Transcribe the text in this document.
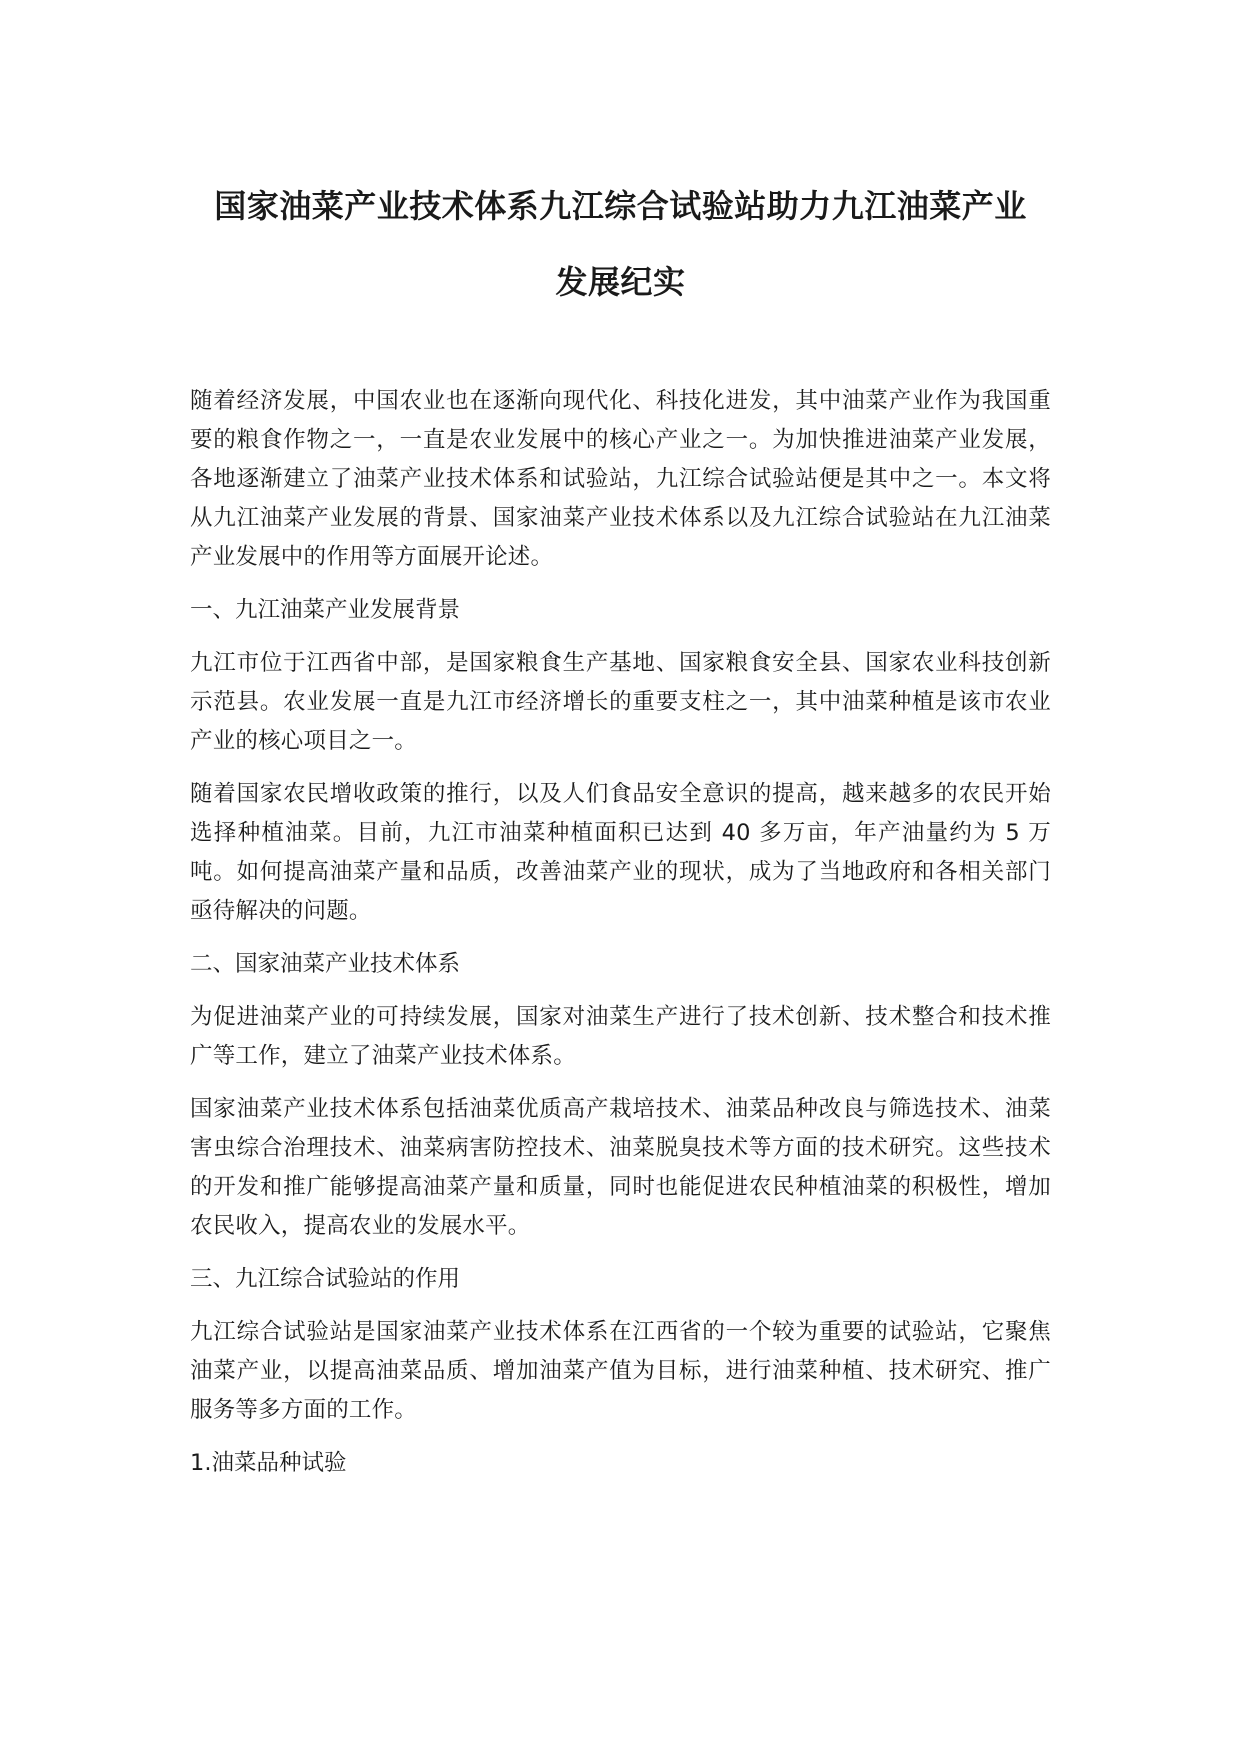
国家油菜产业技术体系九江综合试验站助力九江油菜产业
发展纪实

随着经济发展，中国农业也在逐渐向现代化、科技化进发，其中油菜产业作为我国重要的粮食作物之一，一直是农业发展中的核心产业之一。为加快推进油菜产业发展，各地逐渐建立了油菜产业技术体系和试验站，九江综合试验站便是其中之一。本文将从九江油菜产业发展的背景、国家油菜产业技术体系以及九江综合试验站在九江油菜产业发展中的作用等方面展开论述。

一、九江油菜产业发展背景

九江市位于江西省中部，是国家粮食生产基地、国家粮食安全县、国家农业科技创新示范县。农业发展一直是九江市经济增长的重要支柱之一，其中油菜种植是该市农业产业的核心项目之一。

随着国家农民增收政策的推行，以及人们食品安全意识的提高，越来越多的农民开始选择种植油菜。目前，九江市油菜种植面积已达到 40 多万亩，年产油量约为 5 万吨。如何提高油菜产量和品质，改善油菜产业的现状，成为了当地政府和各相关部门亟待解决的问题。

二、国家油菜产业技术体系

为促进油菜产业的可持续发展，国家对油菜生产进行了技术创新、技术整合和技术推广等工作，建立了油菜产业技术体系。

国家油菜产业技术体系包括油菜优质高产栽培技术、油菜品种改良与筛选技术、油菜害虫综合治理技术、油菜病害防控技术、油菜脱臭技术等方面的技术研究。这些技术的开发和推广能够提高油菜产量和质量，同时也能促进农民种植油菜的积极性，增加农民收入，提高农业的发展水平。

三、九江综合试验站的作用

九江综合试验站是国家油菜产业技术体系在江西省的一个较为重要的试验站，它聚焦油菜产业，以提高油菜品质、增加油菜产值为目标，进行油菜种植、技术研究、推广服务等多方面的工作。

1.油菜品种试验
